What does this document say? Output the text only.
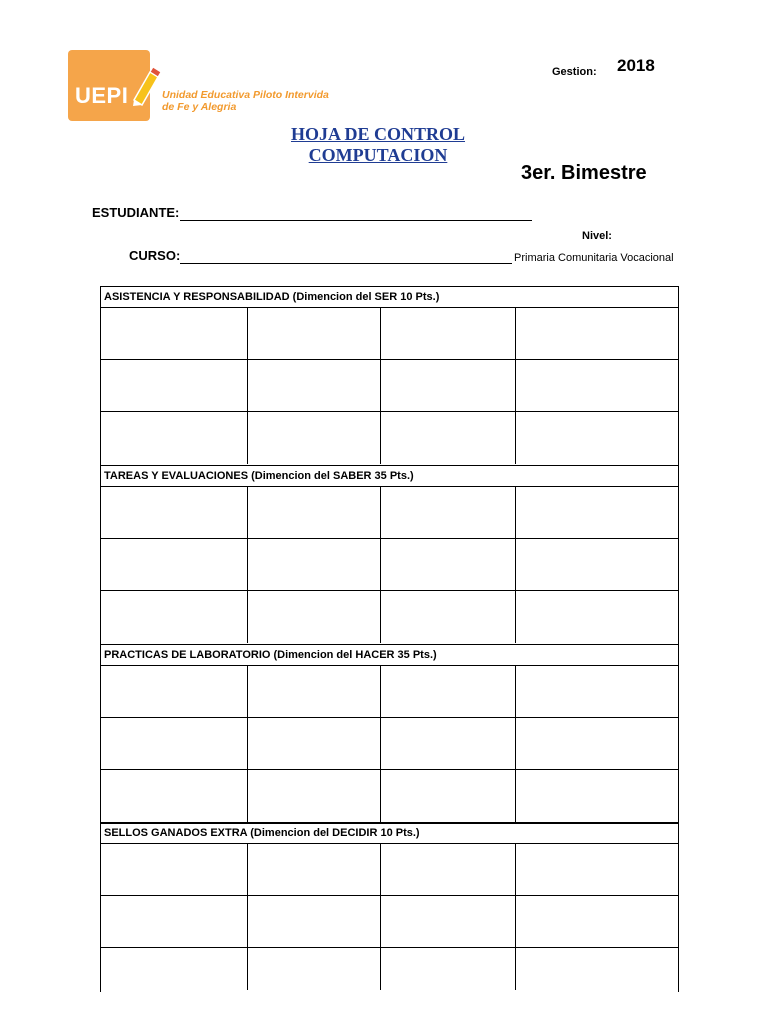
UEPI	Unidad Educativa Piloto Intervida
de Fe y Alegria
Gestion: 2018
HOJA DE CONTROL
COMPUTACION
3er. Bimestre
ESTUDIANTE:
Nivel:
CURSO:	Primaria Comunitaria Vocacional
ASISTENCIA Y RESPONSABILIDAD (Dimencion del SER 10 Pts.)
TAREAS Y EVALUACIONES (Dimencion del SABER 35 Pts.)
PRACTICAS DE LABORATORIO (Dimencion del HACER 35 Pts.)
SELLOS GANADOS EXTRA (Dimencion del DECIDIR 10 Pts.)
